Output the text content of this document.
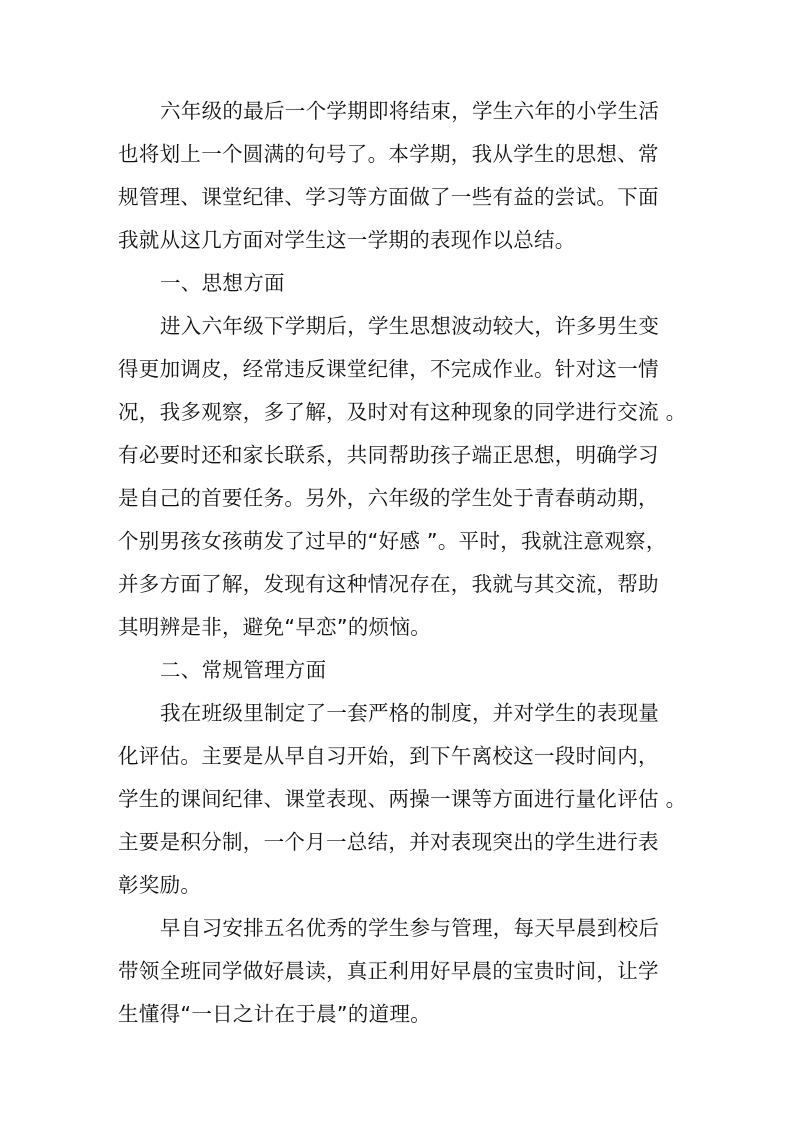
六年级的最后一个学期即将结束，学生六年的小学生活
也将划上一个圆满的句号了。本学期，我从学生的思想、常
规管理、课堂纪律、学习等方面做了一些有益的尝试。下面
我就从这几方面对学生这一学期的表现作以总结。
一、思想方面
进入六年级下学期后，学生思想波动较大，许多男生变
得更加调皮，经常违反课堂纪律，不完成作业。针对这一情
况，我多观察，多了解，及时对有这种现象的同学进行交流 。
有必要时还和家长联系，共同帮助孩子端正思想，明确学习
是自己的首要任务。另外，六年级的学生处于青春萌动期，
个别男孩女孩萌发了过早的“好感 ”。平时，我就注意观察，
并多方面了解，发现有这种情况存在，我就与其交流，帮助
其明辨是非，避免“早恋”的烦恼。
二、常规管理方面
我在班级里制定了一套严格的制度，并对学生的表现量
化评估。主要是从早自习开始，到下午离校这一段时间内，
学生的课间纪律、课堂表现、两操一课等方面进行量化评估 。
主要是积分制，一个月一总结，并对表现突出的学生进行表
彰奖励。
早自习安排五名优秀的学生参与管理，每天早晨到校后
带领全班同学做好晨读，真正利用好早晨的宝贵时间，让学
生懂得“一日之计在于晨”的道理。
